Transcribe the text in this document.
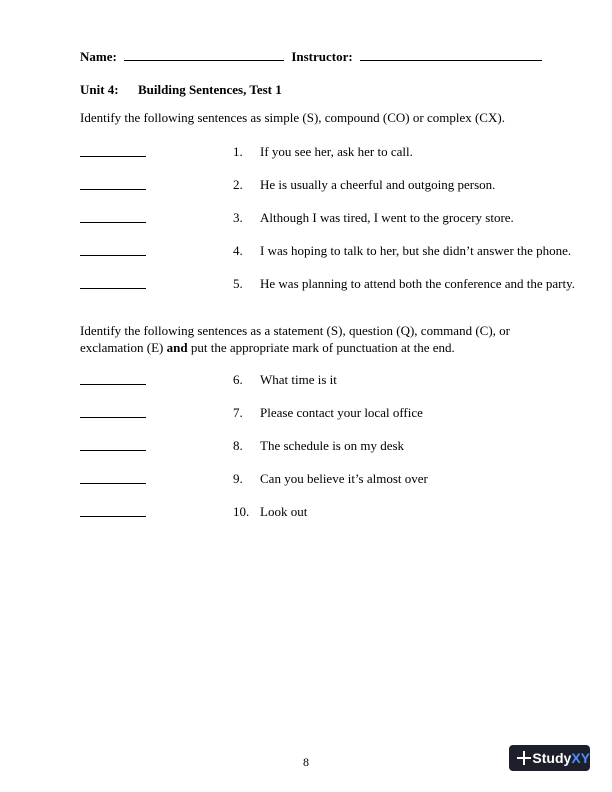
Name:	Instructor:
Unit 4: Building Sentences, Test 1
Identify the following sentences as simple (S), compound (CO) or complex (CX).
1.	If you see her, ask her to call.
2.	He is usually a cheerful and outgoing person.
3.	Although I was tired, I went to the grocery store.
4.	I was hoping to talk to her, but she didn’t answer the phone.
5.	He was planning to attend both the conference and the party.
Identify the following sentences as a statement (S), question (Q), command (C), or
exclamation (E) and put the appropriate mark of punctuation at the end.
6.	What time is it
7.	Please contact your local office
8.	The schedule is on my desk
9.	Can you believe it’s almost over
10. Look out
8	Study XY
